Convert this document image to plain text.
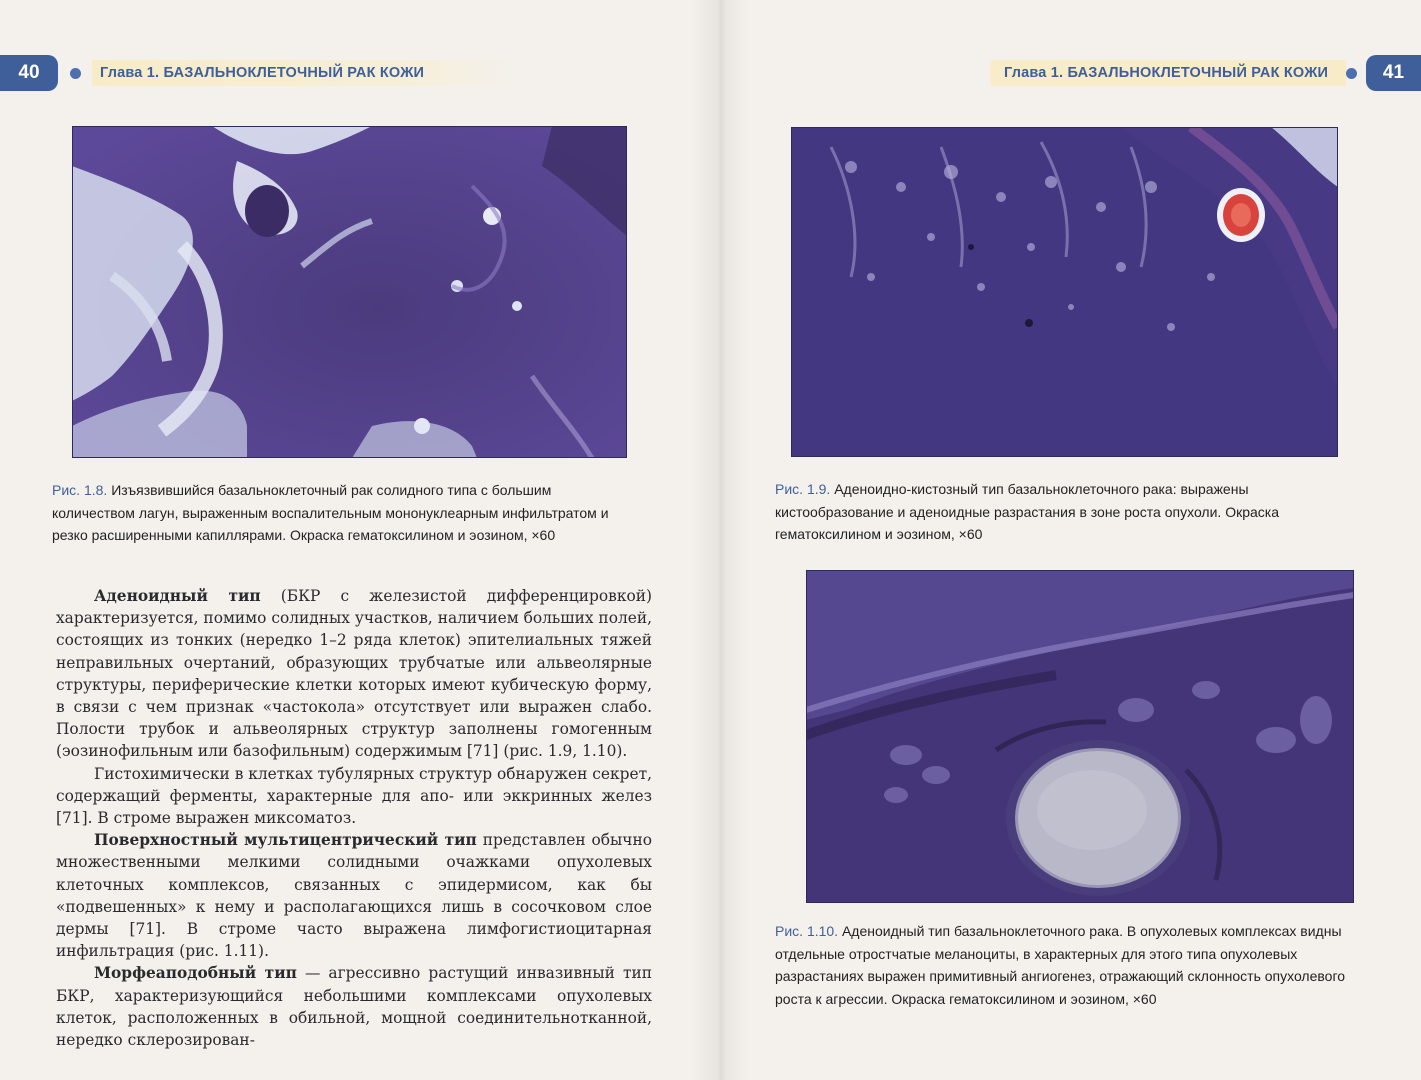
40	Глава 1. БАЗАЛЬНОКЛЕТОЧНЫЙ РАК КОЖИ	Глава 1. БАЗАЛЬНОКЛЕТОЧНЫЙ РАК КОЖИ	41
Рис. 1.8. Изъязвившийся базальноклеточный рак солидного типа с большим количеством лагун, выраженным воспалительным мононуклеарным инфильтратом и резко расширенными капиллярами. Окраска гематоксилином и эозином, ×60

Аденоидный тип (БКР с железистой дифференцировкой) характеризуется, помимо солидных участков, наличием больших полей, состоящих из тонких (нередко 1–2 ряда клеток) эпителиальных тяжей неправильных очертаний, образующих трубчатые или альвеолярные структуры, периферические клетки которых имеют кубическую форму, в связи с чем признак «частокола» отсутствует или выражен слабо. Полости трубок и альвеолярных структур заполнены гомогенным (эозинофильным или базофильным) содержимым [71] (рис. 1.9, 1.10).

Гистохимически в клетках тубулярных структур обнаружен секрет, содержащий ферменты, характерные для апо- или эккринных желез [71]. В строме выражен миксоматоз.

Поверхностный мультицентрический тип представлен обычно множественными мелкими солидными очажками опухолевых клеточных комплексов, связанных с эпидермисом, как бы «подвешенных» к нему и располагающихся лишь в сосочковом слое дермы [71]. В строме часто выражена лимфогистиоцитарная инфильтрация (рис. 1.11).

Морфеаподобный тип — агрессивно растущий инвазивный тип БКР, характеризующийся небольшими комплексами опухолевых клеток, расположенных в обильной, мощной соединительнотканной, нередко склерозирован-

Рис. 1.9. Аденоидно-кистозный тип базальноклеточного рака: выражены кистообразование и аденоидные разрастания в зоне роста опухоли. Окраска гематоксилином и эозином, ×60
Рис. 1.10. Аденоидный тип базальноклеточного рака. В опухолевых комплексах видны отдельные отростчатые меланоциты, в характерных для этого типа опухолевых разрастаниях выражен примитивный ангиогенез, отражающий склонность опухолевого роста к агрессии. Окраска гематоксилином и эозином, ×60
